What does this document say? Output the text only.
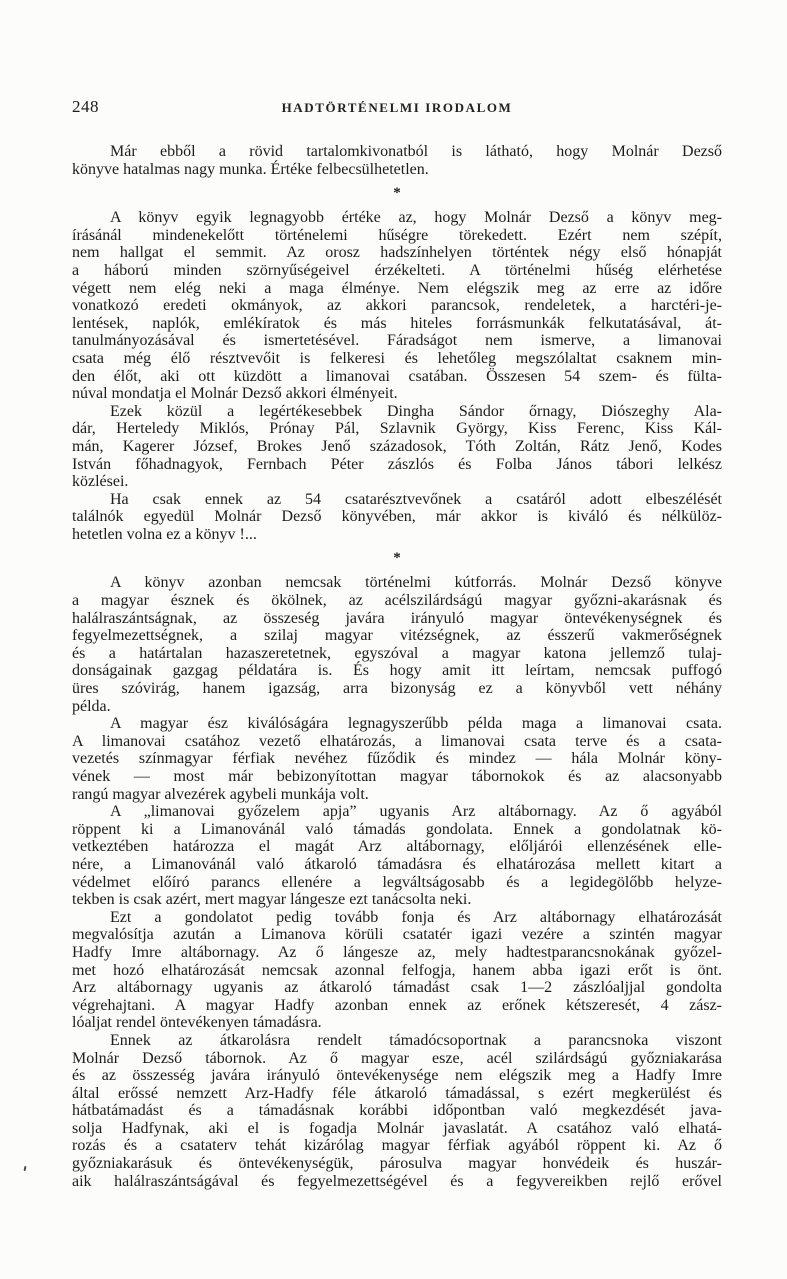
248	HADTÖRTÉNELMI IRODALOM
Már ebből a rövid tartalomkivonatból is látható, hogy Molnár Dezső
könyve hatalmas nagy munka. Értéke felbecsülhetetlen.
*
A könyv egyik legnagyobb értéke az, hogy Molnár Dezső a könyv meg-
írásánál mindenekelőtt történelemi hűségre törekedett. Ezért nem szépít,
nem hallgat el semmit. Az orosz hadszínhelyen történtek négy első hónapját
a háború minden szörnyűségeivel érzékelteti. A történelmi hűség elérhetése
végett nem elég neki a maga élménye. Nem elégszik meg az erre az időre
vonatkozó eredeti okmányok, az akkori parancsok, rendeletek, a harctéri-je-
lentések, naplók, emlékíratok és más hiteles forrásmunkák felkutatásával, át-
tanulmányozásával és ismertetésével. Fáradságot nem ismerve, a limanovai
csata még élő résztvevőit is felkeresi és lehetőleg megszólaltat csaknem min-
den élőt, aki ott küzdött a limanovai csatában. Összesen 54 szem- és fülta-
núval mondatja el Molnár Dezső akkori élményeit.
Ezek közül a legértékesebbek Dingha Sándor őrnagy, Diószeghy Ala-
dár, Herteledy Miklós, Prónay Pál, Szlavnik György, Kiss Ferenc, Kiss Kál-
mán, Kagerer József, Brokes Jenő századosok, Tóth Zoltán, Rátz Jenő, Kodes
István főhadnagyok, Fernbach Péter zászlós és Folba János tábori lelkész
közlései.
Ha csak ennek az 54 csatarésztvevőnek a csatáról adott elbeszélését
találnók egyedül Molnár Dezső könyvében, már akkor is kiváló és nélkülöz-
hetetlen volna ez a könyv !...
*
A könyv azonban nemcsak történelmi kútforrás. Molnár Dezső könyve
a magyar észnek és ökölnek, az acélszilárdságú magyar győzni-akarásnak és
halálraszántságnak, az összeség javára irányuló magyar öntevékenységnek és
fegyelmezettségnek, a szilaj magyar vitézségnek, az ésszerű vakmerőségnek
és a határtalan hazaszeretetnek, egyszóval a magyar katona jellemző tulaj-
donságainak gazgag példatára is. És hogy amit itt leírtam, nemcsak puffogó
üres szóvirág, hanem igazság, arra bizonyság ez a könyvből vett néhány
példa.
A magyar ész kiválóságára legnagyszerűbb példa maga a limanovai csata.
A limanovai csatához vezető elhatározás, a limanovai csata terve és a csata-
vezetés színmagyar férfiak nevéhez fűződik és mindez — hála Molnár köny-
vének — most már bebizonyítottan magyar tábornokok és az alacsonyabb
rangú magyar alvezérek agybeli munkája volt.
A „limanovai győzelem apja” ugyanis Arz altábornagy. Az ő agyából
röppent ki a Limanovánál való támadás gondolata. Ennek a gondolatnak kö-
vetkeztében határozza el magát Arz altábornagy, előljárói ellenzésének elle-
nére, a Limanovánál való átkaroló támadásra és elhatározása mellett kitart a
védelmet előíró parancs ellenére a legváltságosabb és a legidegölőbb helyze-
tekben is csak azért, mert magyar lángesze ezt tanácsolta neki.
Ezt a gondolatot pedig tovább fonja és Arz altábornagy elhatározását
megvalósítja azután a Limanova körüli csatatér igazi vezére a szintén magyar
Hadfy Imre altábornagy. Az ő lángesze az, mely hadtestparancsnokának győzel-
met hozó elhatározását nemcsak azonnal felfogja, hanem abba igazi erőt is önt.
Arz altábornagy ugyanis az átkaroló támadást csak 1—2 zászlóaljjal gondolta
végrehajtani. A magyar Hadfy azonban ennek az erőnek kétszeresét, 4 zász-
lóaljat rendel öntevékenyen támadásra.
Ennek az átkarolásra rendelt támadócsoportnak a parancsnoka viszont
Molnár Dezső tábornok. Az ő magyar esze, acél szilárdságú győzniakarása
és az összesség javára irányuló öntevékenysége nem elégszik meg a Hadfy Imre
által erőssé nemzett Arz-Hadfy féle átkaroló támadással, s ezért megkerülést és
hátbatámadást és a támadásnak korábbi időpontban való megkezdését java-
solja Hadfynak, aki el is fogadja Molnár javaslatát. A csatához való elhatá-
rozás és a csataterv tehát kizárólag magyar férfiak agyából röppent ki. Az ő
győzniakarásuk és öntevékenységük, párosulva magyar honvédeik és huszár-
aik halálraszántságával és fegyelmezettségével és a fegyvereikben rejlő erővel
